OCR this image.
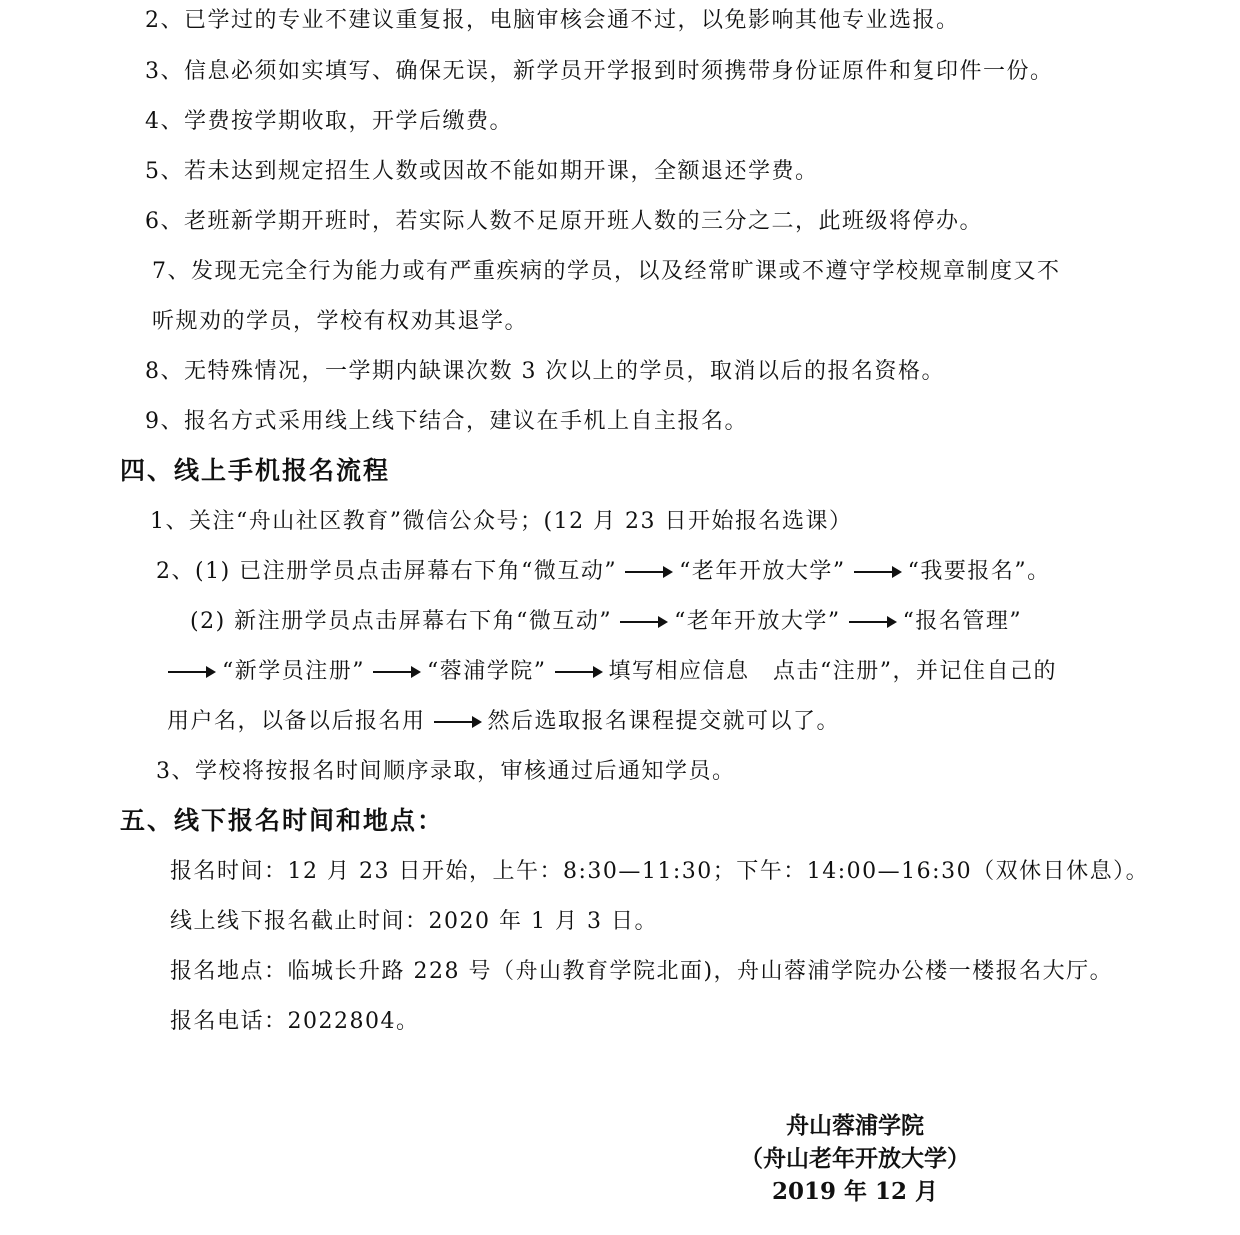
2、已学过的专业不建议重复报，电脑审核会通不过，以免影响其他专业选报。
3、信息必须如实填写、确保无误，新学员开学报到时须携带身份证原件和复印件一份。
4、学费按学期收取，开学后缴费。
5、若未达到规定招生人数或因故不能如期开课，全额退还学费。
6、老班新学期开班时，若实际人数不足原开班人数的三分之二，此班级将停办。
7、发现无完全行为能力或有严重疾病的学员，以及经常旷课或不遵守学校规章制度又不
听规劝的学员，学校有权劝其退学。
8、无特殊情况，一学期内缺课次数 3 次以上的学员，取消以后的报名资格。
9、报名方式采用线上线下结合，建议在手机上自主报名。
四、线上手机报名流程
1、关注“舟山社区教育”微信公众号；(12 月 23 日开始报名选课）
2、(1) 已注册学员点击屏幕右下角“微互动”	“老年开放大学”	“我要报名”。
(2) 新注册学员点击屏幕右下角“微互动”	“老年开放大学”	“报名管理”
“新学员注册”	“蓉浦学院”	填写相应信息　点击“注册”，并记住自己的
用户名，以备以后报名用	然后选取报名课程提交就可以了。
3、学校将按报名时间顺序录取，审核通过后通知学员。
五、线下报名时间和地点：
报名时间：12 月 23 日开始，上午：8:30—11:30；下午：14:00—16:30（双休日休息）。
线上线下报名截止时间：2020 年 1 月 3 日。
报名地点：临城长升路 228 号（舟山教育学院北面)，舟山蓉浦学院办公楼一楼报名大厅。
报名电话：2022804。
舟山蓉浦学院
（舟山老年开放大学）
2019 年 12 月
